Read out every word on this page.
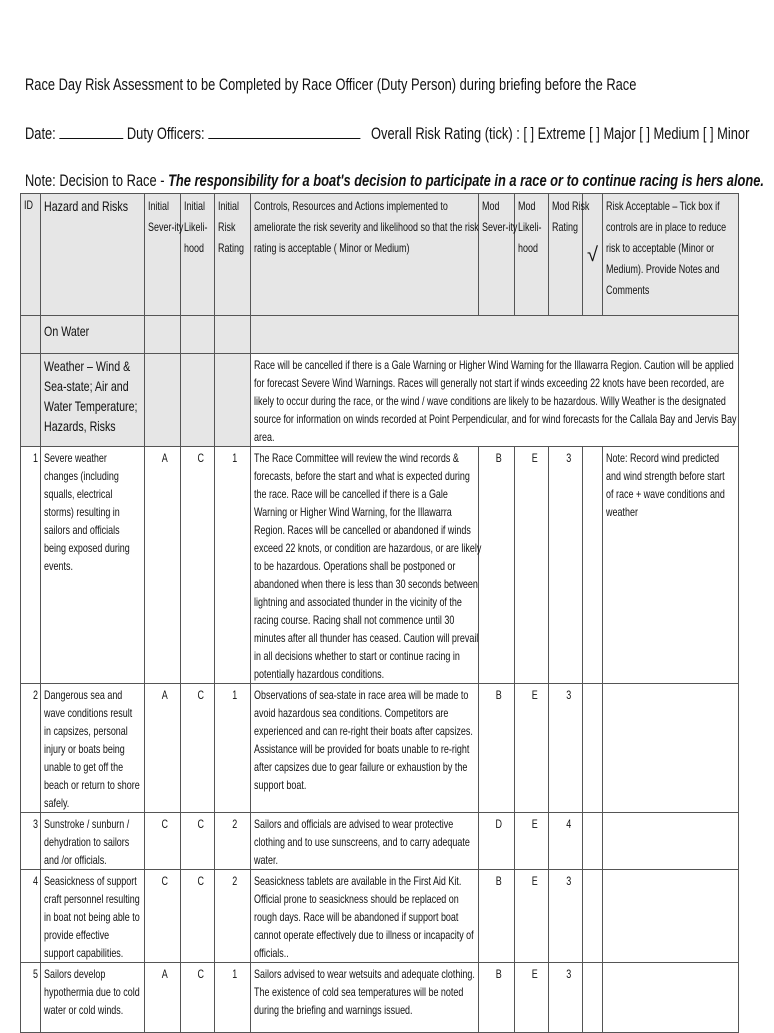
Race Day Risk Assessment to be Completed by Race Officer (Duty Person) during briefing before the Race
Date:	Duty Officers:	Overall Risk Rating (tick) : [ ] Extreme [ ] Major [ ] Medium [ ] Minor
Note: Decision to Race - The responsibility for a boat's decision to participate in a race or to continue racing is hers alone.
ID	Hazard and Risks	Initial Sever-ity	Initial Likeli-hood	Initial Risk Rating	Controls, Resources and Actions implemented to ameliorate the risk severity and likelihood so that the risk rating is acceptable ( Minor or Medium)	Mod Sever-ity	Mod Likeli-hood	Mod Risk Rating	√	Risk Acceptable – Tick box if controls are in place to reduce risk to acceptable (Minor or Medium). Provide Notes and Comments

	On Water									

	Weather – Wind & Sea-state; Air and Water Temperature; Hazards, Risks				Race will be cancelled if there is a Gale Warning or Higher Wind Warning for the Illawarra Region. Caution will be applied for forecast Severe Wind Warnings. Races will generally not start if winds exceeding 22 knots have been recorded, are likely to occur during the race, or the wind / wave conditions are likely to be hazardous. Willy Weather is the designated source for information on winds recorded at Point Perpendicular, and for wind forecasts for the Callala Bay and Jervis Bay area.					

1	Severe weather changes (including squalls, electrical storms) resulting in sailors and officials being exposed during events.	A	C	1	The Race Committee will review the wind records & forecasts, before the start and what is expected during the race. Race will be cancelled if there is a Gale Warning or Higher Wind Warning, for the Illawarra Region. Races will be cancelled or abandoned if winds exceed 22 knots, or condition are hazardous, or are likely to be hazardous. Operations shall be postponed or abandoned when there is less than 30 seconds between lightning and associated thunder in the vicinity of the racing course. Racing shall not commence until 30 minutes after all thunder has ceased. Caution will prevail in all decisions whether to start or continue racing in potentially hazardous conditions.	B	E	3		Note: Record wind predicted and wind strength before start of race + wave conditions and weather

2	Dangerous sea and wave conditions result in capsizes, personal injury or boats being unable to get off the beach or return to shore safely.	A	C	1	Observations of sea-state in race area will be made to avoid hazardous sea conditions. Competitors are experienced and can re-right their boats after capsizes. Assistance will be provided for boats unable to re-right after capsizes due to gear failure or exhaustion by the support boat.	B	E	3		

3	Sunstroke / sunburn / dehydration to sailors and /or officials.	C	C	2	Sailors and officials are advised to wear protective clothing and to use sunscreens, and to carry adequate water.	D	E	4		

4	Seasickness of support craft personnel resulting in boat not being able to provide effective support capabilities.	C	C	2	Seasickness tablets are available in the First Aid Kit. Official prone to seasickness should be replaced on rough days. Race will be abandoned if support boat cannot operate effectively due to illness or incapacity of officials..	B	E	3		

5	Sailors develop hypothermia due to cold water or cold winds.	A	C	1	Sailors advised to wear wetsuits and adequate clothing. The existence of cold sea temperatures will be noted during the briefing and warnings issued.	B	E	3		
